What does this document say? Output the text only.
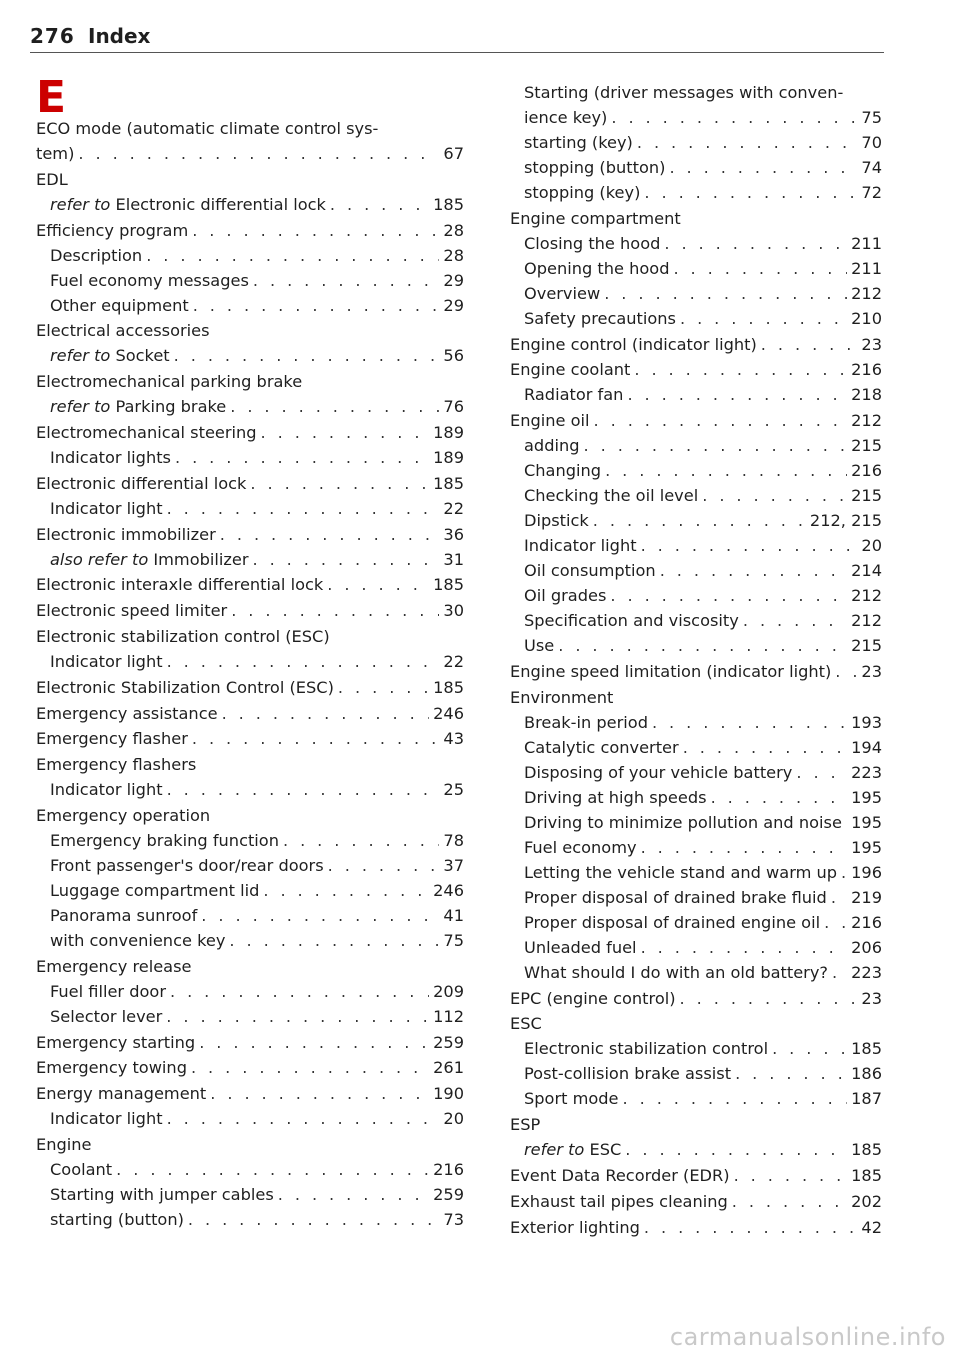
276 Index
E
ECO mode (automatic climate control sys-
tem) . . .	67
EDL
refer to Electronic differential lock . . .	185
Efficiency program . . .	28
Description . . .	28
Fuel economy messages . . .	29
Other equipment . . .	29
Electrical accessories
refer to Socket . . .	56
Electromechanical parking brake
refer to Parking brake . . .	76
Electromechanical steering . . .	189
Indicator lights . . .	189
Electronic differential lock . . .	185
Indicator light . . .	22
Electronic immobilizer . . .	36
also refer to Immobilizer . . .	31
Electronic interaxle differential lock . . .	185
Electronic speed limiter . . .	30
Electronic stabilization control (ESC)
Indicator light . . .	22
Electronic Stabilization Control (ESC) . . .	185
Emergency assistance . . .	246
Emergency flasher . . .	43
Emergency flashers
Indicator light . . .	25
Emergency operation
Emergency braking function . . .	78
Front passenger's door/rear doors . . .	37
Luggage compartment lid . . .	246
Panorama sunroof . . .	41
with convenience key . . .	75
Emergency release
Fuel filler door . . .	209
Selector lever . . .	112
Emergency starting . . .	259
Emergency towing . . .	261
Energy management . . .	190
Indicator light . . .	20
Engine
Coolant . . .	216
Starting with jumper cables . . .	259
starting (button) . . .	73
Starting (driver messages with conven-
ience key) . . .	75
starting (key) . . .	70
stopping (button) . . .	74
stopping (key) . . .	72
Engine compartment
Closing the hood . . .	211
Opening the hood . . .	211
Overview . . .	212
Safety precautions . . .	210
Engine control (indicator light) . . .	23
Engine coolant . . .	216
Radiator fan . . .	218
Engine oil . . .	212
adding . . .	215
Changing . . .	216
Checking the oil level . . .	215
Dipstick . . .	212, 215
Indicator light . . .	20
Oil consumption . . .	214
Oil grades . . .	212
Specification and viscosity . . .	212
Use . . .	215
Engine speed limitation (indicator light) . . . 23
Environment
Break-in period . . .	193
Catalytic converter . . .	194
Disposing of your vehicle battery . . .	223
Driving at high speeds . . .	195
Driving to minimize pollution and noise 195
Fuel economy . . .	195
Letting the vehicle stand and warm up . . . 196
Proper disposal of drained brake fluid . . . 219
Proper disposal of drained engine oil . . . 216
Unleaded fuel . . .	206
What should I do with an old battery? . . . 223
EPC (engine control) . . .	23
ESC
Electronic stabilization control . . .	185
Post-collision brake assist . . .	186
Sport mode . . .	187
ESP
refer to ESC . . .	185
Event Data Recorder (EDR) . . .	185
Exhaust tail pipes cleaning . . .	202
Exterior lighting . . .	42
carmanualsonline.info
